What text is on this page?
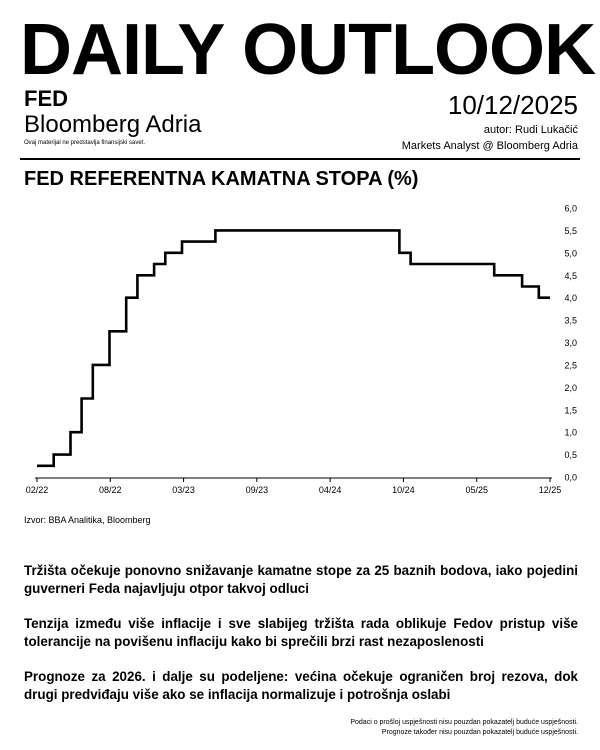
DAILY OUTLOOK
FED
Bloomberg Adria
Ovaj materijal ne predstavlja finansijski savet.
10/12/2025
autor: Rudi Lukačić
Markets Analyst @ Bloomberg Adria
FED REFERENTNA KAMATNA STOPA (%)
0,0
0,5
1,0
1,5
2,0
2,5
3,0
3,5
4,0
4,5
5,0
5,5
6,0
02/22	08/22	03/23	09/23	04/24	10/24	05/25	12/25
Izvor: BBA Analitika, Bloomberg

Tržišta očekuje ponovno snižavanje kamatne stope za 25 baznih bodova, iako pojedini guverneri Feda najavljuju otpor takvoj odluci

Tenzija između više inflacije i sve slabijeg tržišta rada oblikuje Fedov pristup više tolerancije na povišenu inflaciju kako bi sprečili brzi rast nezaposlenosti

Prognoze za 2026. i dalje su podeljene: većina očekuje ograničen broj rezova, dok drugi predviđaju više ako se inflacija normalizuje i potrošnja oslabi

Podaci o prošlој uspješnosti nisu pouzdan pokazatelj buduće uspješnosti.
Prognoze također nisu pouzdan pokazatelj buduće uspješnosti.
